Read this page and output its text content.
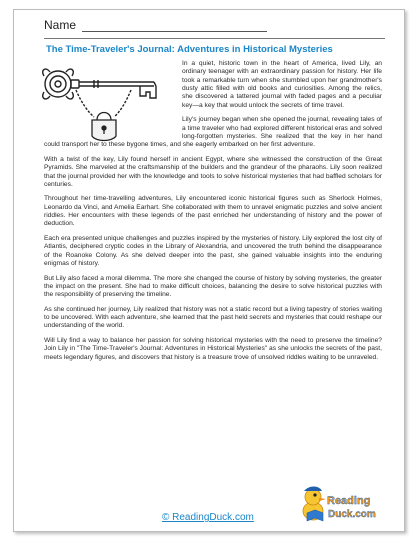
Name
The Time-Traveler's Journal: Adventures in Historical Mysteries

In a quiet, historic town in the heart of America, lived Lily, an ordinary teenager with an extraordinary passion for history. Her life took a remarkable turn when she stumbled upon her grandmother's dusty attic filled with old books and curiosities. Among the relics, she discovered a tattered journal with faded pages and a peculiar key—a key that would unlock the secrets of time travel.

Lily's journey began when she opened the journal, revealing tales of a time traveler who had explored different historical eras and solved long-forgotten mysteries. She realized that the key in her hand could transport her to these bygone times, and she eagerly embarked on her first adventure.

With a twist of the key, Lily found herself in ancient Egypt, where she witnessed the construction of the Great Pyramids. She marveled at the craftsmanship of the builders and the grandeur of the pharaohs. Lily soon realized that the journal provided her with the knowledge and tools to solve historical mysteries that had baffled scholars for centuries.

Throughout her time-travelling adventures, Lily encountered iconic historical figures such as Sherlock Holmes, Leonardo da Vinci, and Amelia Earhart. She collaborated with them to unravel enigmatic puzzles and solve ancient riddles. Her encounters with these legends of the past enriched her understanding of history and the power of deduction.

Each era presented unique challenges and puzzles inspired by the mysteries of history. Lily explored the lost city of Atlantis, deciphered cryptic codes in the Library of Alexandria, and uncovered the truth behind the disappearance of the Roanoke Colony. As she delved deeper into the past, she gained valuable insights into the enduring enigmas of history.

But Lily also faced a moral dilemma. The more she changed the course of history by solving mysteries, the greater the impact on the present. She had to make difficult choices, balancing the desire to solve historical puzzles with the responsibility of preserving the timeline.

As she continued her journey, Lily realized that history was not a static record but a living tapestry of stories waiting to be uncovered. With each adventure, she learned that the past held secrets and mysteries that could reshape our understanding of the world.

Will Lily find a way to balance her passion for solving historical mysteries with the need to preserve the timeline? Join Lily in "The Time-Traveler's Journal: Adventures in Historical Mysteries" as she unlocks the secrets of the past, meets legendary figures, and discovers that history is a treasure trove of unsolved riddles waiting to be unraveled.

© ReadingDuck.com
Reading
Duck.com
